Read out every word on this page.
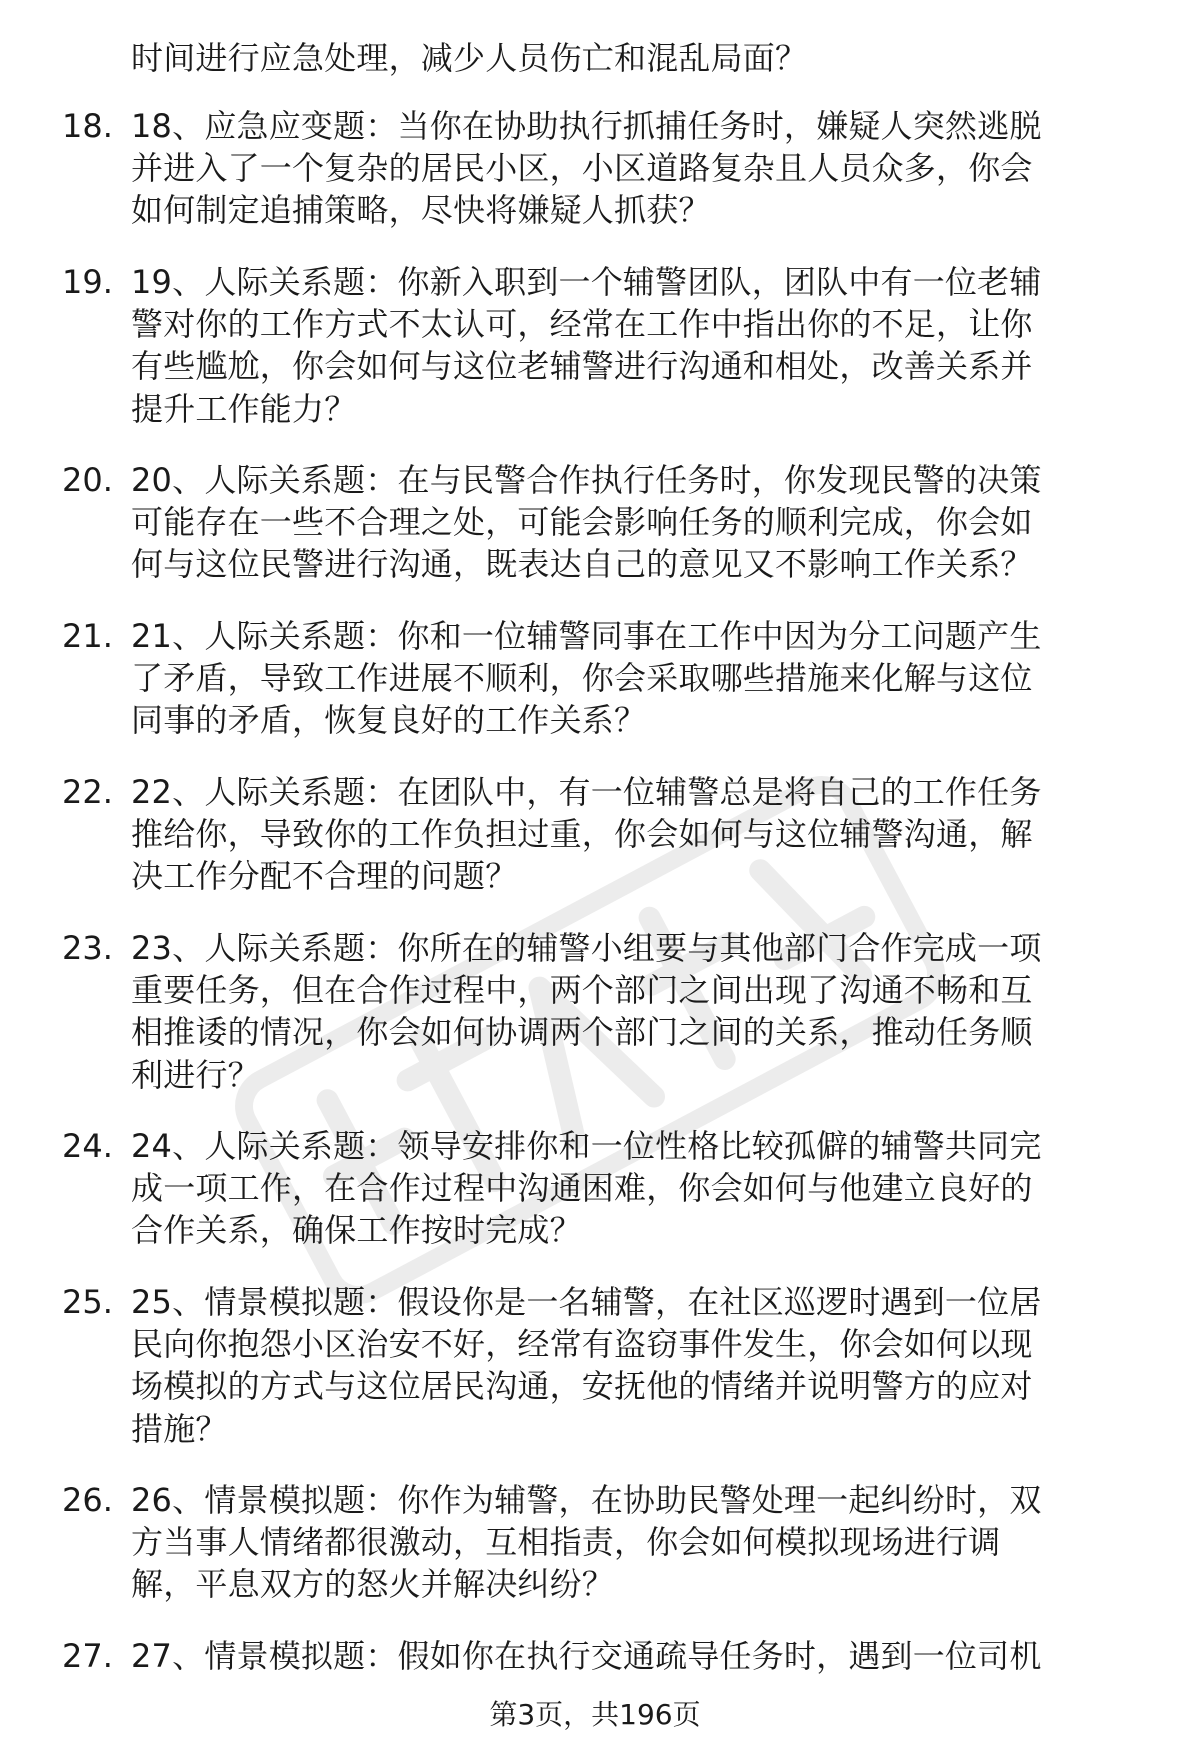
时间进行应急处理，减少人员伤亡和混乱局面？
18. 18、应急应变题：当你在协助执行抓捕任务时，嫌疑人突然逃脱
并进入了一个复杂的居民小区，小区道路复杂且人员众多，你会
如何制定追捕策略，尽快将嫌疑人抓获？
19. 19、人际关系题：你新入职到一个辅警团队，团队中有一位老辅
警对你的工作方式不太认可，经常在工作中指出你的不足，让你
有些尴尬，你会如何与这位老辅警进行沟通和相处，改善关系并
提升工作能力？
20. 20、人际关系题：在与民警合作执行任务时，你发现民警的决策
可能存在一些不合理之处，可能会影响任务的顺利完成，你会如
何与这位民警进行沟通，既表达自己的意见又不影响工作关系？
21. 21、人际关系题：你和一位辅警同事在工作中因为分工问题产生
了矛盾，导致工作进展不顺利，你会采取哪些措施来化解与这位
同事的矛盾，恢复良好的工作关系？
22. 22、人际关系题：在团队中，有一位辅警总是将自己的工作任务
推给你，导致你的工作负担过重，你会如何与这位辅警沟通，解
决工作分配不合理的问题？
23. 23、人际关系题：你所在的辅警小组要与其他部门合作完成一项
重要任务，但在合作过程中，两个部门之间出现了沟通不畅和互
相推诿的情况，你会如何协调两个部门之间的关系，推动任务顺
利进行？
24. 24、人际关系题：领导安排你和一位性格比较孤僻的辅警共同完
成一项工作，在合作过程中沟通困难，你会如何与他建立良好的
合作关系，确保工作按时完成？
25. 25、情景模拟题：假设你是一名辅警，在社区巡逻时遇到一位居
民向你抱怨小区治安不好，经常有盗窃事件发生，你会如何以现
场模拟的方式与这位居民沟通，安抚他的情绪并说明警方的应对
措施？
26. 26、情景模拟题：你作为辅警，在协助民警处理一起纠纷时，双
方当事人情绪都很激动，互相指责，你会如何模拟现场进行调
解，平息双方的怒火并解决纠纷？
27. 27、情景模拟题：假如你在执行交通疏导任务时，遇到一位司机
第3页，共196页
